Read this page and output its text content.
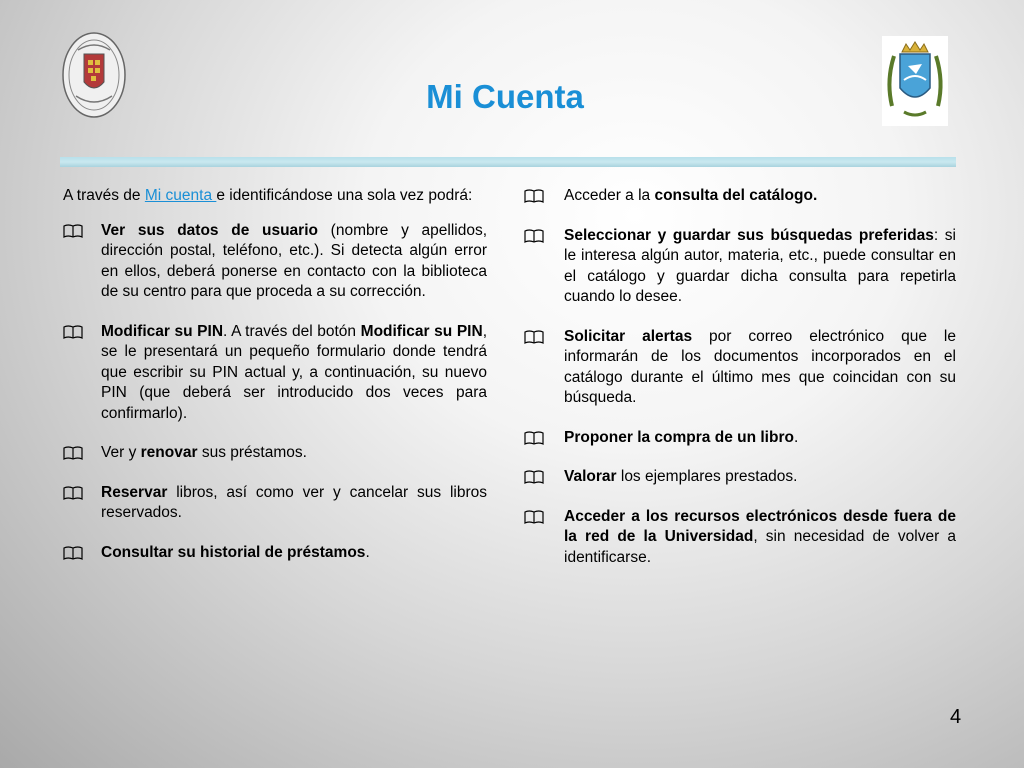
Mi Cuenta

A través de Mi cuenta e identificándose una sola vez podrá:

Ver sus datos de usuario (nombre y apellidos, dirección postal, teléfono, etc.). Si detecta algún error en ellos, deberá ponerse en contacto con la biblioteca de su centro para que proceda a su corrección.
Modificar su PIN. A través del botón Modificar su PIN, se le presentará un pequeño formulario donde tendrá que escribir su PIN actual y, a continuación, su nuevo PIN (que deberá ser introducido dos veces para confirmarlo).
Ver y renovar sus préstamos.
Reservar libros, así como ver y cancelar sus libros reservados.
Consultar su historial de préstamos.
Acceder a la consulta del catálogo.
Seleccionar y guardar sus búsquedas preferidas: si le interesa algún autor, materia, etc., puede consultar en el catálogo y guardar dicha consulta para repetirla cuando lo desee.
Solicitar alertas por correo electrónico que le informarán de los documentos incorporados en el catálogo durante el último mes que coincidan con su búsqueda.
Proponer la compra de un libro.
Valorar los ejemplares prestados.
Acceder a los recursos electrónicos desde fuera de la red de la Universidad, sin necesidad de volver a identificarse.
4
